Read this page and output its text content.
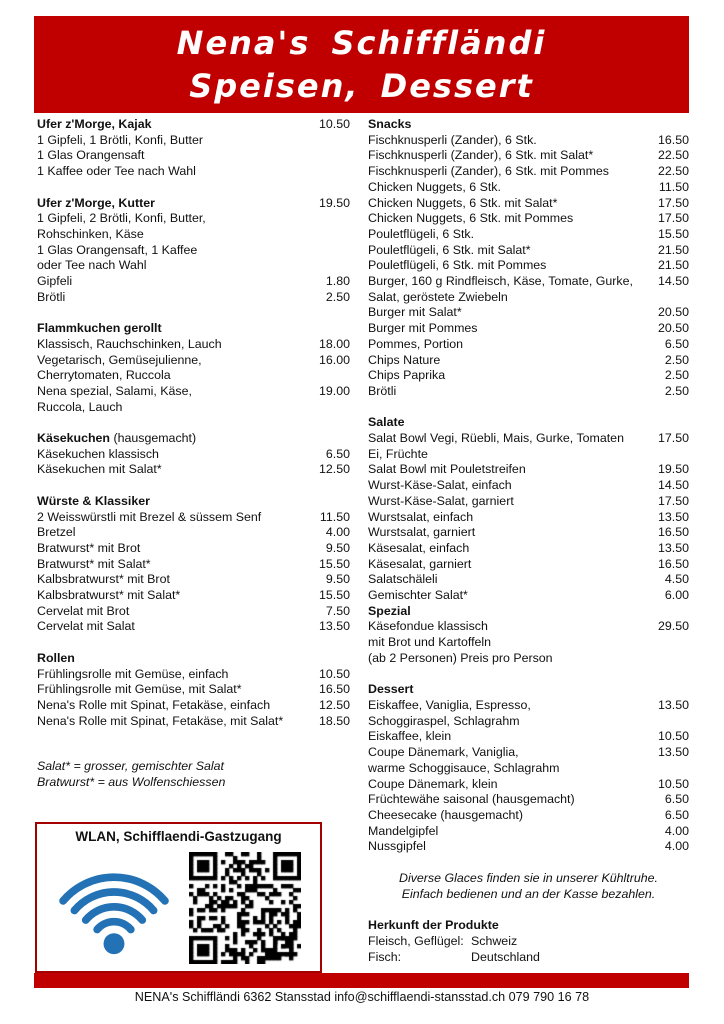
Nena's Schiffländi
Speisen, Dessert
Ufer z'Morge, Kajak	10.50
1 Gipfeli, 1 Brötli, Konfi, Butter
1 Glas Orangensaft
1 Kaffee oder Tee nach Wahl
Ufer z'Morge, Kutter	19.50
1 Gipfeli, 2 Brötli, Konfi, Butter,
Rohschinken, Käse
1 Glas Orangensaft, 1 Kaffee
oder Tee nach Wahl
Gipfeli	1.80
Brötli	2.50
Flammkuchen gerollt
Klassisch, Rauchschinken, Lauch	18.00
Vegetarisch, Gemüsejulienne,	16.00
Cherrytomaten, Ruccola
Nena spezial, Salami, Käse,	19.00
Ruccola, Lauch
Käsekuchen (hausgemacht)
Käsekuchen klassisch	6.50
Käsekuchen mit Salat*	12.50
Würste & Klassiker
2 Weisswürstli mit Brezel & süssem Senf	11.50
Bretzel	4.00
Bratwurst* mit Brot	9.50
Bratwurst* mit Salat*	15.50
Kalbsbratwurst* mit Brot	9.50
Kalbsbratwurst* mit Salat*	15.50
Cervelat mit Brot	7.50
Cervelat mit Salat	13.50
Rollen
Frühlingsrolle mit Gemüse, einfach	10.50
Frühlingsrolle mit Gemüse, mit Salat*	16.50
Nena's Rolle mit Spinat, Fetakäse, einfach	12.50
Nena's Rolle mit Spinat, Fetakäse, mit Salat*	18.50
Salat* = grosser, gemischter Salat
Bratwurst* = aus Wolfenschiessen
Snacks
Fischknusperli (Zander), 6 Stk.	16.50
Fischknusperli (Zander), 6 Stk. mit Salat*	22.50
Fischknusperli (Zander), 6 Stk. mit Pommes	22.50
Chicken Nuggets, 6 Stk.	11.50
Chicken Nuggets, 6 Stk. mit Salat*	17.50
Chicken Nuggets, 6 Stk. mit Pommes	17.50
Pouletflügeli, 6 Stk.	15.50
Pouletflügeli, 6 Stk. mit Salat*	21.50
Pouletflügeli, 6 Stk. mit Pommes	21.50
Burger, 160 g Rindfleisch, Käse, Tomate, Gurke, 14.50
Salat, geröstete Zwiebeln
Burger mit Salat*	20.50
Burger mit Pommes	20.50
Pommes, Portion	6.50
Chips Nature	2.50
Chips Paprika	2.50
Brötli	2.50
Salate
Salat Bowl Vegi, Rüebli, Mais, Gurke, Tomaten	17.50
Ei, Früchte
Salat Bowl mit Pouletstreifen	19.50
Wurst-Käse-Salat, einfach	14.50
Wurst-Käse-Salat, garniert	17.50
Wurstsalat, einfach	13.50
Wurstsalat, garniert	16.50
Käsesalat, einfach	13.50
Käsesalat, garniert	16.50
Salatschäleli	4.50
Gemischter Salat*	6.00
Spezial
Käsefondue klassisch	29.50
mit Brot und Kartoffeln
(ab 2 Personen) Preis pro Person
Dessert
Eiskaffee, Vaniglia, Espresso,	13.50
Schoggiraspel, Schlagrahm
Eiskaffee, klein	10.50
Coupe Dänemark, Vaniglia,	13.50
warme Schoggisauce, Schlagrahm
Coupe Dänemark, klein	10.50
Früchtewähe saisonal (hausgemacht)	6.50
Cheesecake (hausgemacht)	6.50
Mandelgipfel	4.00
Nussgipfel	4.00
Diverse Glaces finden sie in unserer Kühltruhe.
Einfach bedienen und an der Kasse bezahlen.
Herkunft der Produkte
Fleisch, Geflügel: Schweiz
Fisch:	Deutschland
WLAN, Schifflaendi-Gastzugang
NENA's Schiffländi 6362 Stansstad info@schifflaendi-stansstad.ch 079 790 16 78
